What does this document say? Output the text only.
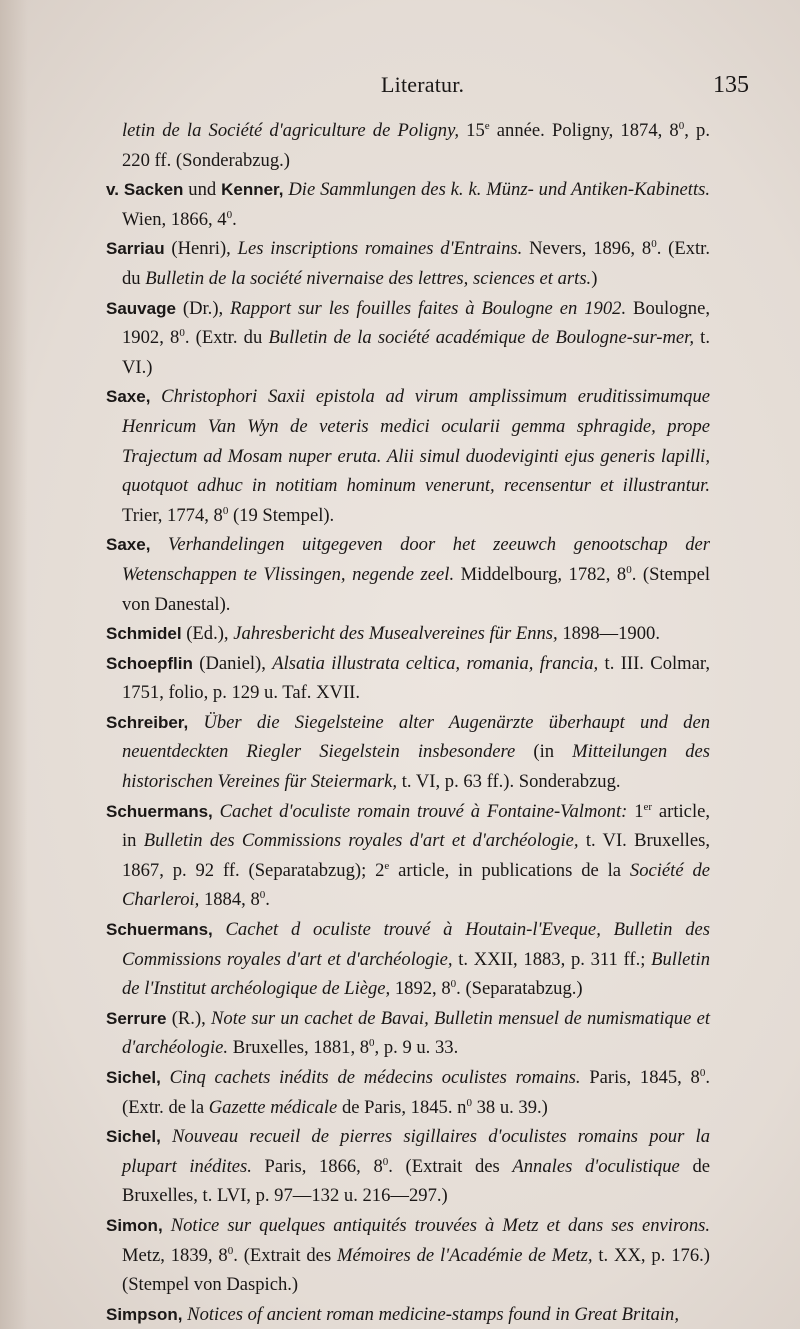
Literatur.	135

letin de la Société d'agriculture de Poligny, 15e année. Poligny, 1874, $8^0$, p. 220 ff. (Sonderabzug.)

v. Sacken und Kenner, Die Sammlungen des k. k. Münz- und Antiken-Kabinetts. Wien, 1866, $4^0$.

Sarriau (Henri), Les inscriptions romaines d'Entrains. Nevers, 1896, $8^0$. (Extr. du Bulletin de la société nivernaise des lettres, sciences et arts.)

Sauvage (Dr.), Rapport sur les fouilles faites à Boulogne en 1902. Boulogne, 1902, $8^0$. (Extr. du Bulletin de la société académique de Boulogne-sur-mer, t. VI.)

Saxe, Christophori Saxii epistola ad virum amplissimum eruditissimumque Henricum Van Wyn de veteris medici ocularii gemma sphragide, prope Trajectum ad Mosam nuper eruta. Alii simul duodeviginti ejus generis lapilli, quotquot adhuc in notitiam hominum venerunt, recensentur et illustrantur. Trier, 1774, $8^0$ (19 Stempel).

Saxe, Verhandelingen uitgegeven door het zeeuwch genootschap der Wetenschappen te Vlissingen, negende zeel. Middelbourg, 1782, $8^0$. (Stempel von Danestal).

Schmidel (Ed.), Jahresbericht des Musealvereines für Enns, 1898—1900.

Schoepflin (Daniel), Alsatia illustrata celtica, romania, francia, t. III. Colmar, 1751, folio, p. 129 u. Taf. XVII.

Schreiber, Über die Siegelsteine alter Augenärzte überhaupt und den neuentdeckten Riegler Siegelstein insbesondere (in Mitteilungen des historischen Vereines für Steiermark, t. VI, p. 63 ff.). Sonderabzug.

Schuermans, Cachet d'oculiste romain trouvé à Fontaine-Valmont: 1er article, in Bulletin des Commissions royales d'art et d'archéologie, t. VI. Bruxelles, 1867, p. 92 ff. (Separatabzug); 2e article, in publications de la Société de Charleroi, 1884, $8^0$.

Schuermans, Cachet d oculiste trouvé à Houtain-l'Eveque, Bulletin des Commissions royales d'art et d'archéologie, t. XXII, 1883, p. 311 ff.; Bulletin de l'Institut archéologique de Liège, 1892, $8^0$. (Separatabzug.)

Serrure (R.), Note sur un cachet de Bavai, Bulletin mensuel de numismatique et d'archéologie. Bruxelles, 1881, $8^0$, p. 9 u. 33.

Sichel, Cinq cachets inédits de médecins oculistes romains. Paris, 1845, $8^0$. (Extr. de la Gazette médicale de Paris, 1845. $n^0$ 38 u. 39.)

Sichel, Nouveau recueil de pierres sigillaires d'oculistes romains pour la plupart inédites. Paris, 1866, $8^0$. (Extrait des Annales d'oculistique de Bruxelles, t. LVI, p. 97—132 u. 216—297.)

Simon, Notice sur quelques antiquités trouvées à Metz et dans ses environs. Metz, 1839, $8^0$. (Extrait des Mémoires de l'Académie de Metz, t. XX, p. 176.) (Stempel von Daspich.)

Simpson, Notices of ancient roman medicine-stamps found in Great Britain,
